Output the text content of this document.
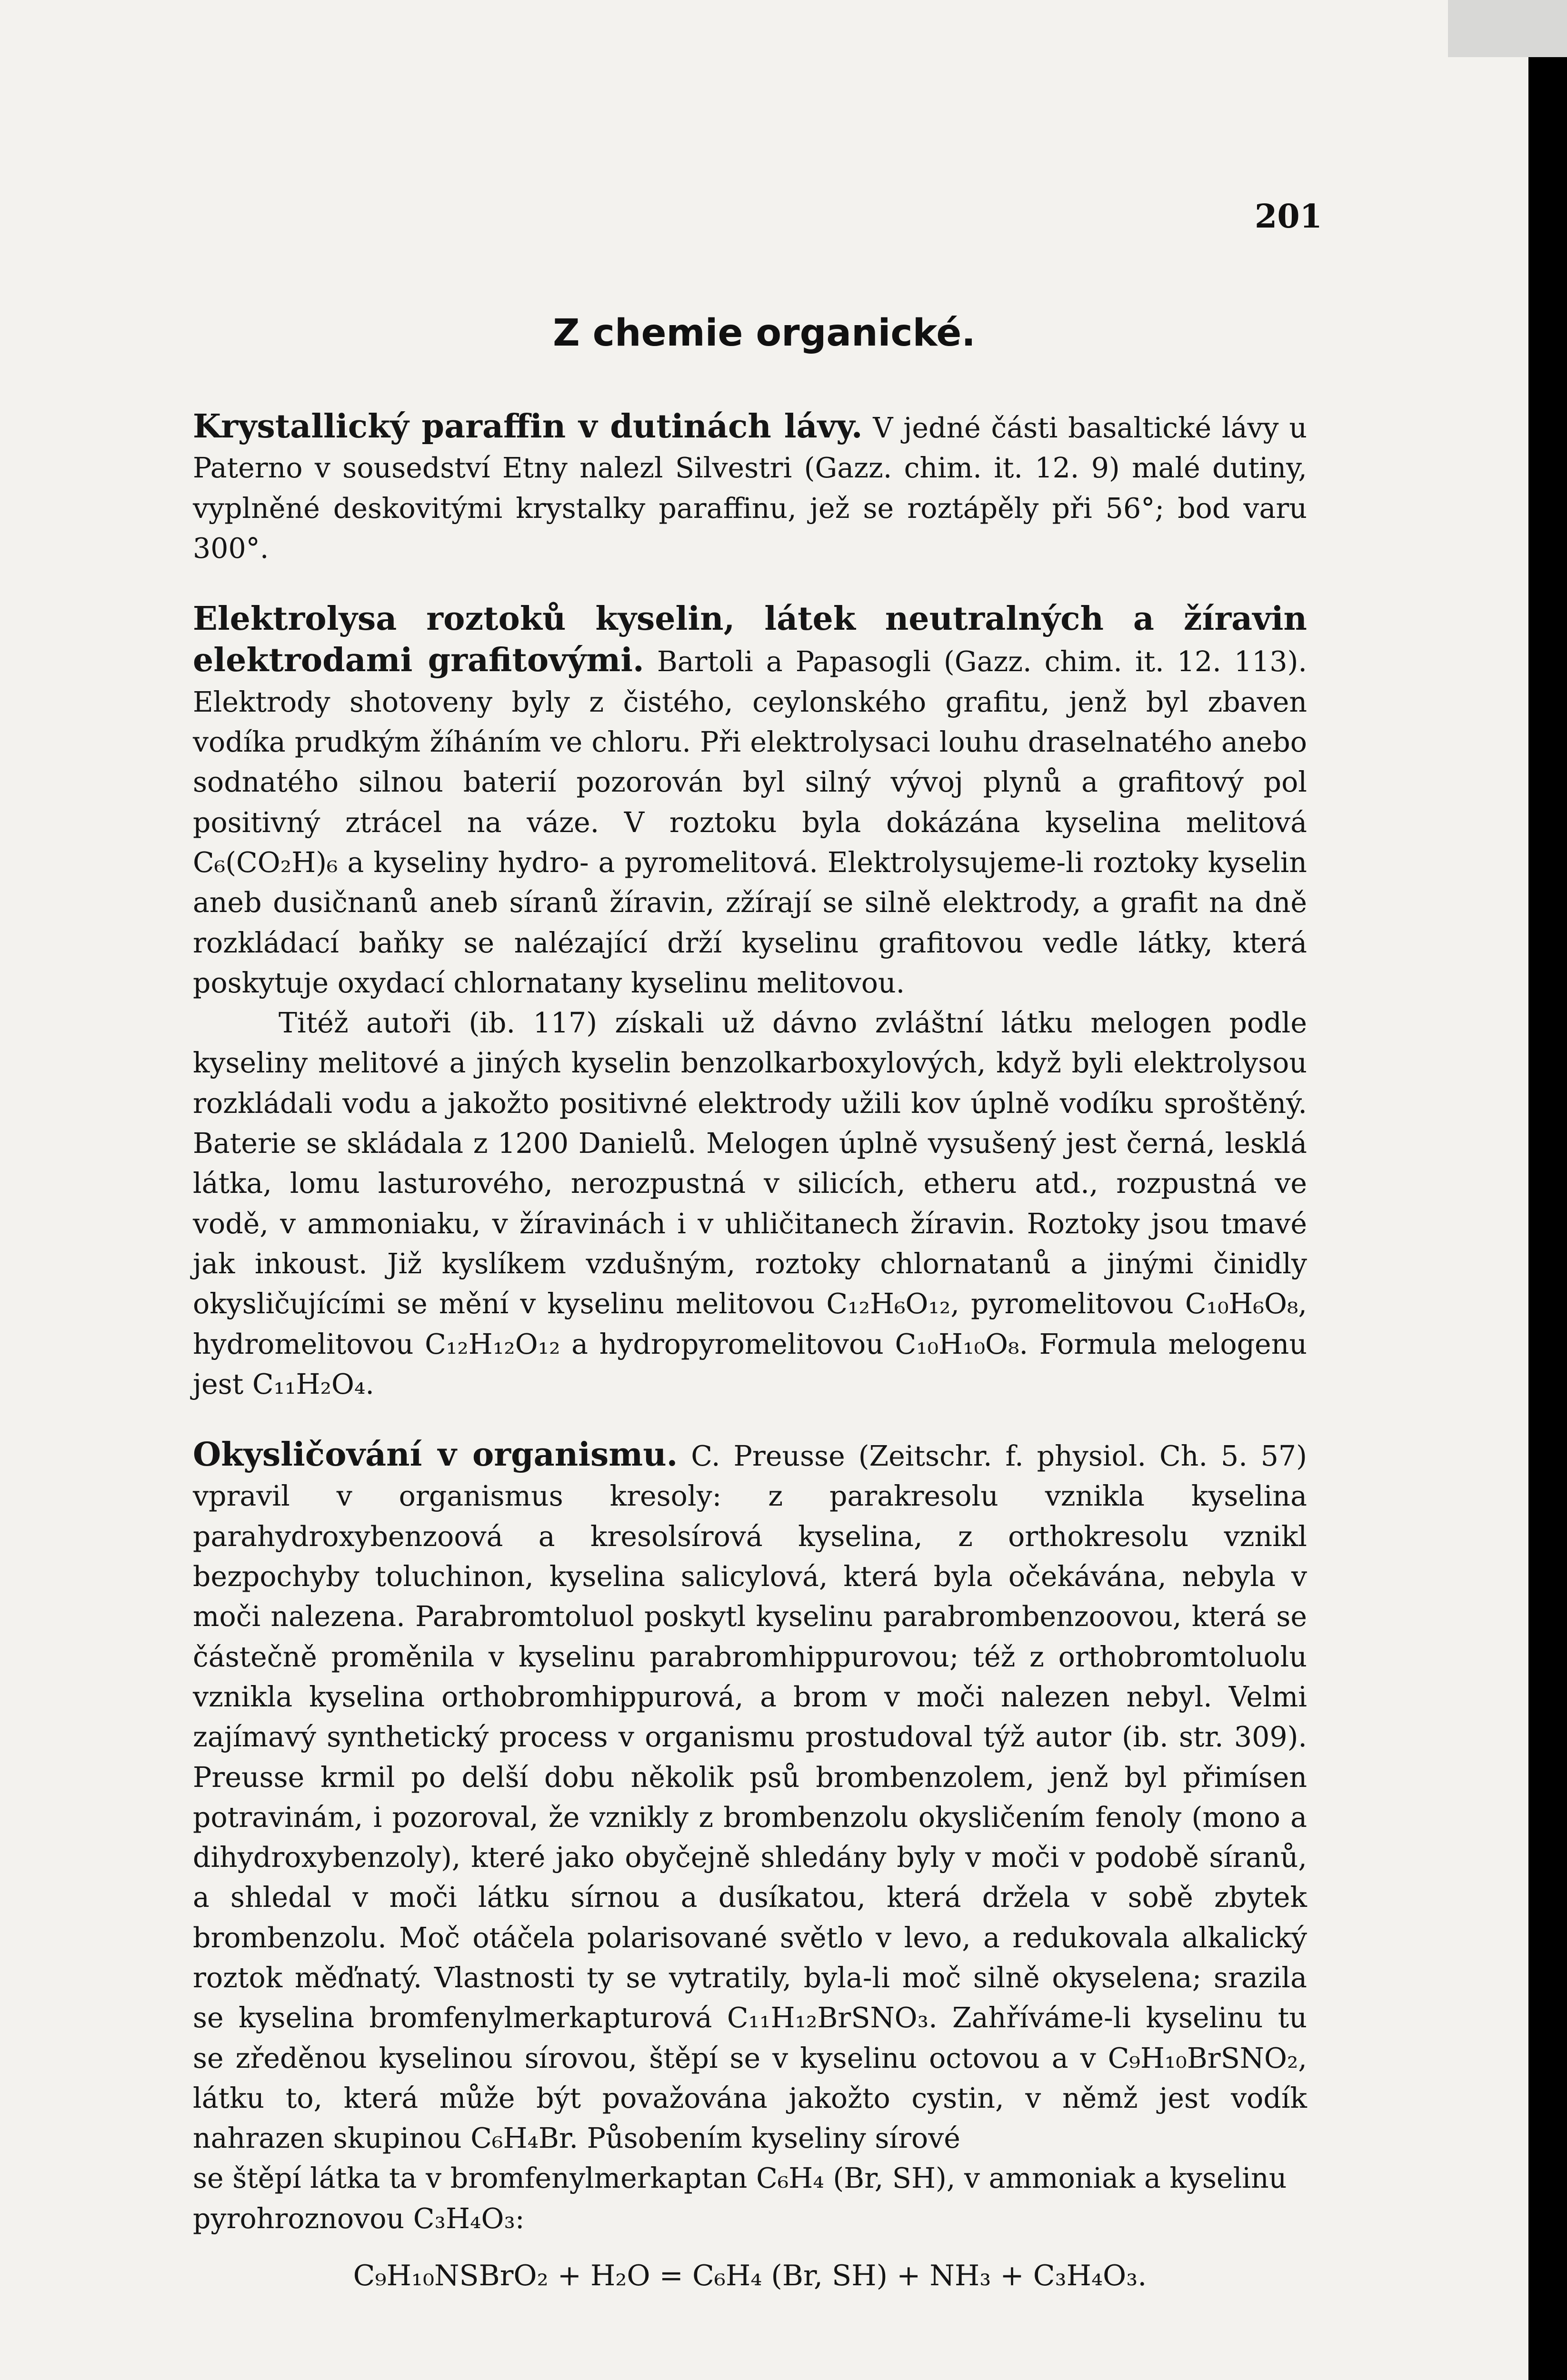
201
Z chemie organické.

Krystallický paraffin v dutinách lávy. V jedné části basaltické lávy u Paterno v sousedství Etny nalezl Silvestri (Gazz. chim. it. 12. 9) malé dutiny, vyplněné deskovitými krystalky paraffinu, jež se roztápěly při 56°; bod varu 300°.

Elektrolysa roztoků kyselin, látek neutralných a žíravin elektrodami grafitovými. Bartoli a Papasogli (Gazz. chim. it. 12. 113). Elektrody shotoveny byly z čistého, ceylonského grafitu, jenž byl zbaven vodíka prudkým žíháním ve chloru. Při elektrolysaci louhu draselnatého anebo sodnatého silnou baterií pozorován byl silný vývoj plynů a grafitový pol positivný ztrácel na váze. V roztoku byla dokázána kyselina melitová C₆(CO₂H)₆ a kyseliny hydro- a pyromelitová. Elektrolysujeme-li roztoky kyselin aneb dusičnanů aneb síranů žíravin, zžírají se silně elektrody, a grafit na dně rozkládací baňky se nalézající drží kyselinu grafitovou vedle látky, která poskytuje oxydací chlornatany kyselinu melitovou.

Titéž autoři (ib. 117) získali už dávno zvláštní látku melogen podle kyseliny melitové a jiných kyselin benzolkarboxylových, když byli elektrolysou rozkládali vodu a jakožto positivné elektrody užili kov úplně vodíku sproštěný. Baterie se skládala z 1200 Danielů. Melogen úplně vysušený jest černá, lesklá látka, lomu lasturového, nerozpustná v silicích, etheru atd., rozpustná ve vodě, v ammoniaku, v žíravinách i v uhličitanech žíravin. Roztoky jsou tmavé jak inkoust. Již kyslíkem vzdušným, roztoky chlornatanů a jinými činidly okysličujícími se mění v kyselinu melitovou C₁₂H₆O₁₂, pyromelitovou C₁₀H₆O₈, hydromelitovou C₁₂H₁₂O₁₂ a hydropyromelitovou C₁₀H₁₀O₈. Formula melogenu jest C₁₁H₂O₄.

Okysličování v organismu. C. Preusse (Zeitschr. f. physiol. Ch. 5. 57) vpravil v organismus kresoly: z parakresolu vznikla kyselina parahydroxybenzoová a kresolsírová kyselina, z orthokresolu vznikl bezpochyby toluchinon, kyselina salicylová, která byla očekávána, nebyla v moči nalezena. Parabromtoluol poskytl kyselinu parabrombenzoovou, která se částečně proměnila v kyselinu parabromhippurovou; též z orthobromtoluolu vznikla kyselina orthobromhippurová, a brom v moči nalezen nebyl. Velmi zajímavý synthetický process v organismu prostudoval týž autor (ib. str. 309). Preusse krmil po delší dobu několik psů brombenzolem, jenž byl přimísen potravinám, i pozoroval, že vznikly z brombenzolu okysličením fenoly (mono a dihydroxybenzoly), které jako obyčejně shledány byly v moči v podobě síranů, a shledal v moči látku sírnou a dusíkatou, která držela v sobě zbytek brombenzolu. Moč otáčela polarisované světlo v levo, a redukovala alkalický roztok měďnatý. Vlastnosti ty se vytratily, byla-li moč silně okyselena; srazila se kyselina bromfenylmerkapturová C₁₁H₁₂BrSNO₃. Zahříváme-li kyselinu tu se zředěnou kyselinou sírovou, štěpí se v kyselinu octovou a v C₉H₁₀BrSNO₂, látku to, která může být považována jakožto cystin, v němž jest vodík nahrazen skupinou C₆H₄Br. Působením kyseliny sírové

se štěpí látka ta v bromfenylmerkaptan C₆H₄ (Br, SH), v ammoniak a kyselinu pyrohroznovou C₃H₄O₃:

C₉H₁₀NSBrO₂ + H₂O = C₆H₄ (Br, SH) + NH₃ + C₃H₄O₃.
